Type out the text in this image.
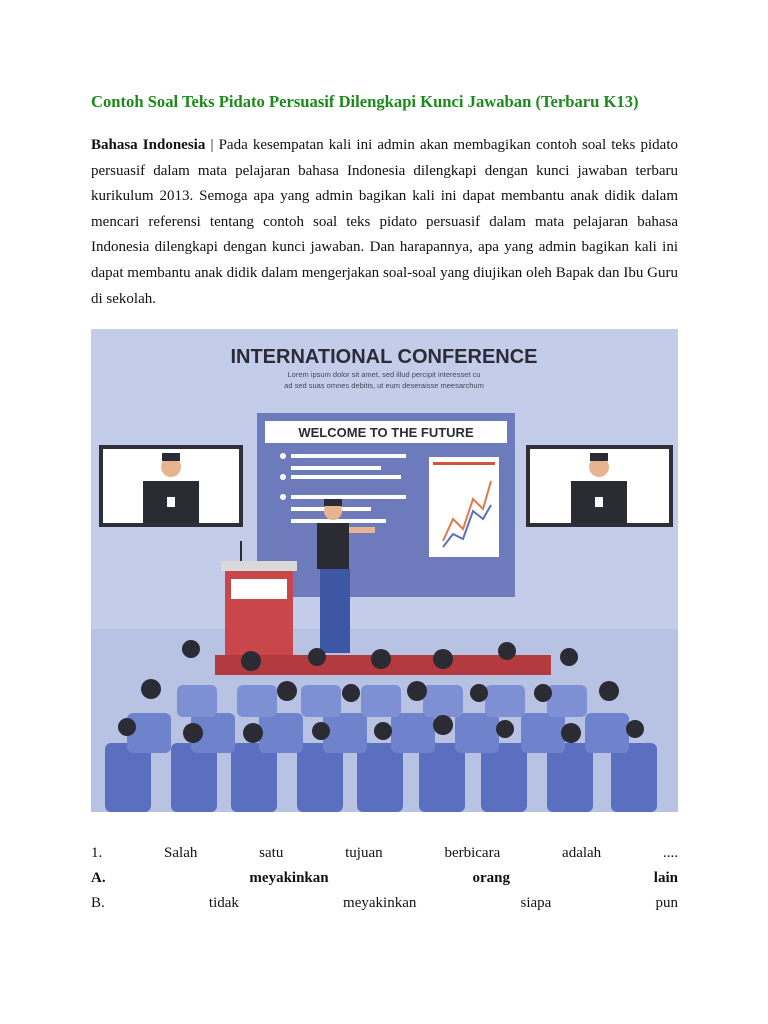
Contoh Soal Teks Pidato Persuasif Dilengkapi Kunci Jawaban (Terbaru K13)

Bahasa Indonesia | Pada kesempatan kali ini admin akan membagikan contoh soal teks pidato persuasif dalam mata pelajaran bahasa Indonesia dilengkapi dengan kunci jawaban terbaru kurikulum 2013. Semoga apa yang admin bagikan kali ini dapat membantu anak didik dalam mencari referensi tentang contoh soal teks pidato persuasif dalam mata pelajaran bahasa Indonesia dilengkapi dengan kunci jawaban. Dan harapannya, apa yang admin bagikan kali ini dapat membantu anak didik dalam mengerjakan soal-soal yang diujikan oleh Bapak dan Ibu Guru di sekolah.

INTERNATIONAL CONFERENCE
Lorem ipsum dolor sit amet, sed illud percipit interesset cu
ad sed suas omnes debitis, ut eum deseraisse meesarchum
WELCOME TO THE FUTURE
1.	Salah	satu	tujuan	berbicara	adalah	....
A.	meyakinkan	orang	lain
B.	tidak	meyakinkan	siapa	pun
